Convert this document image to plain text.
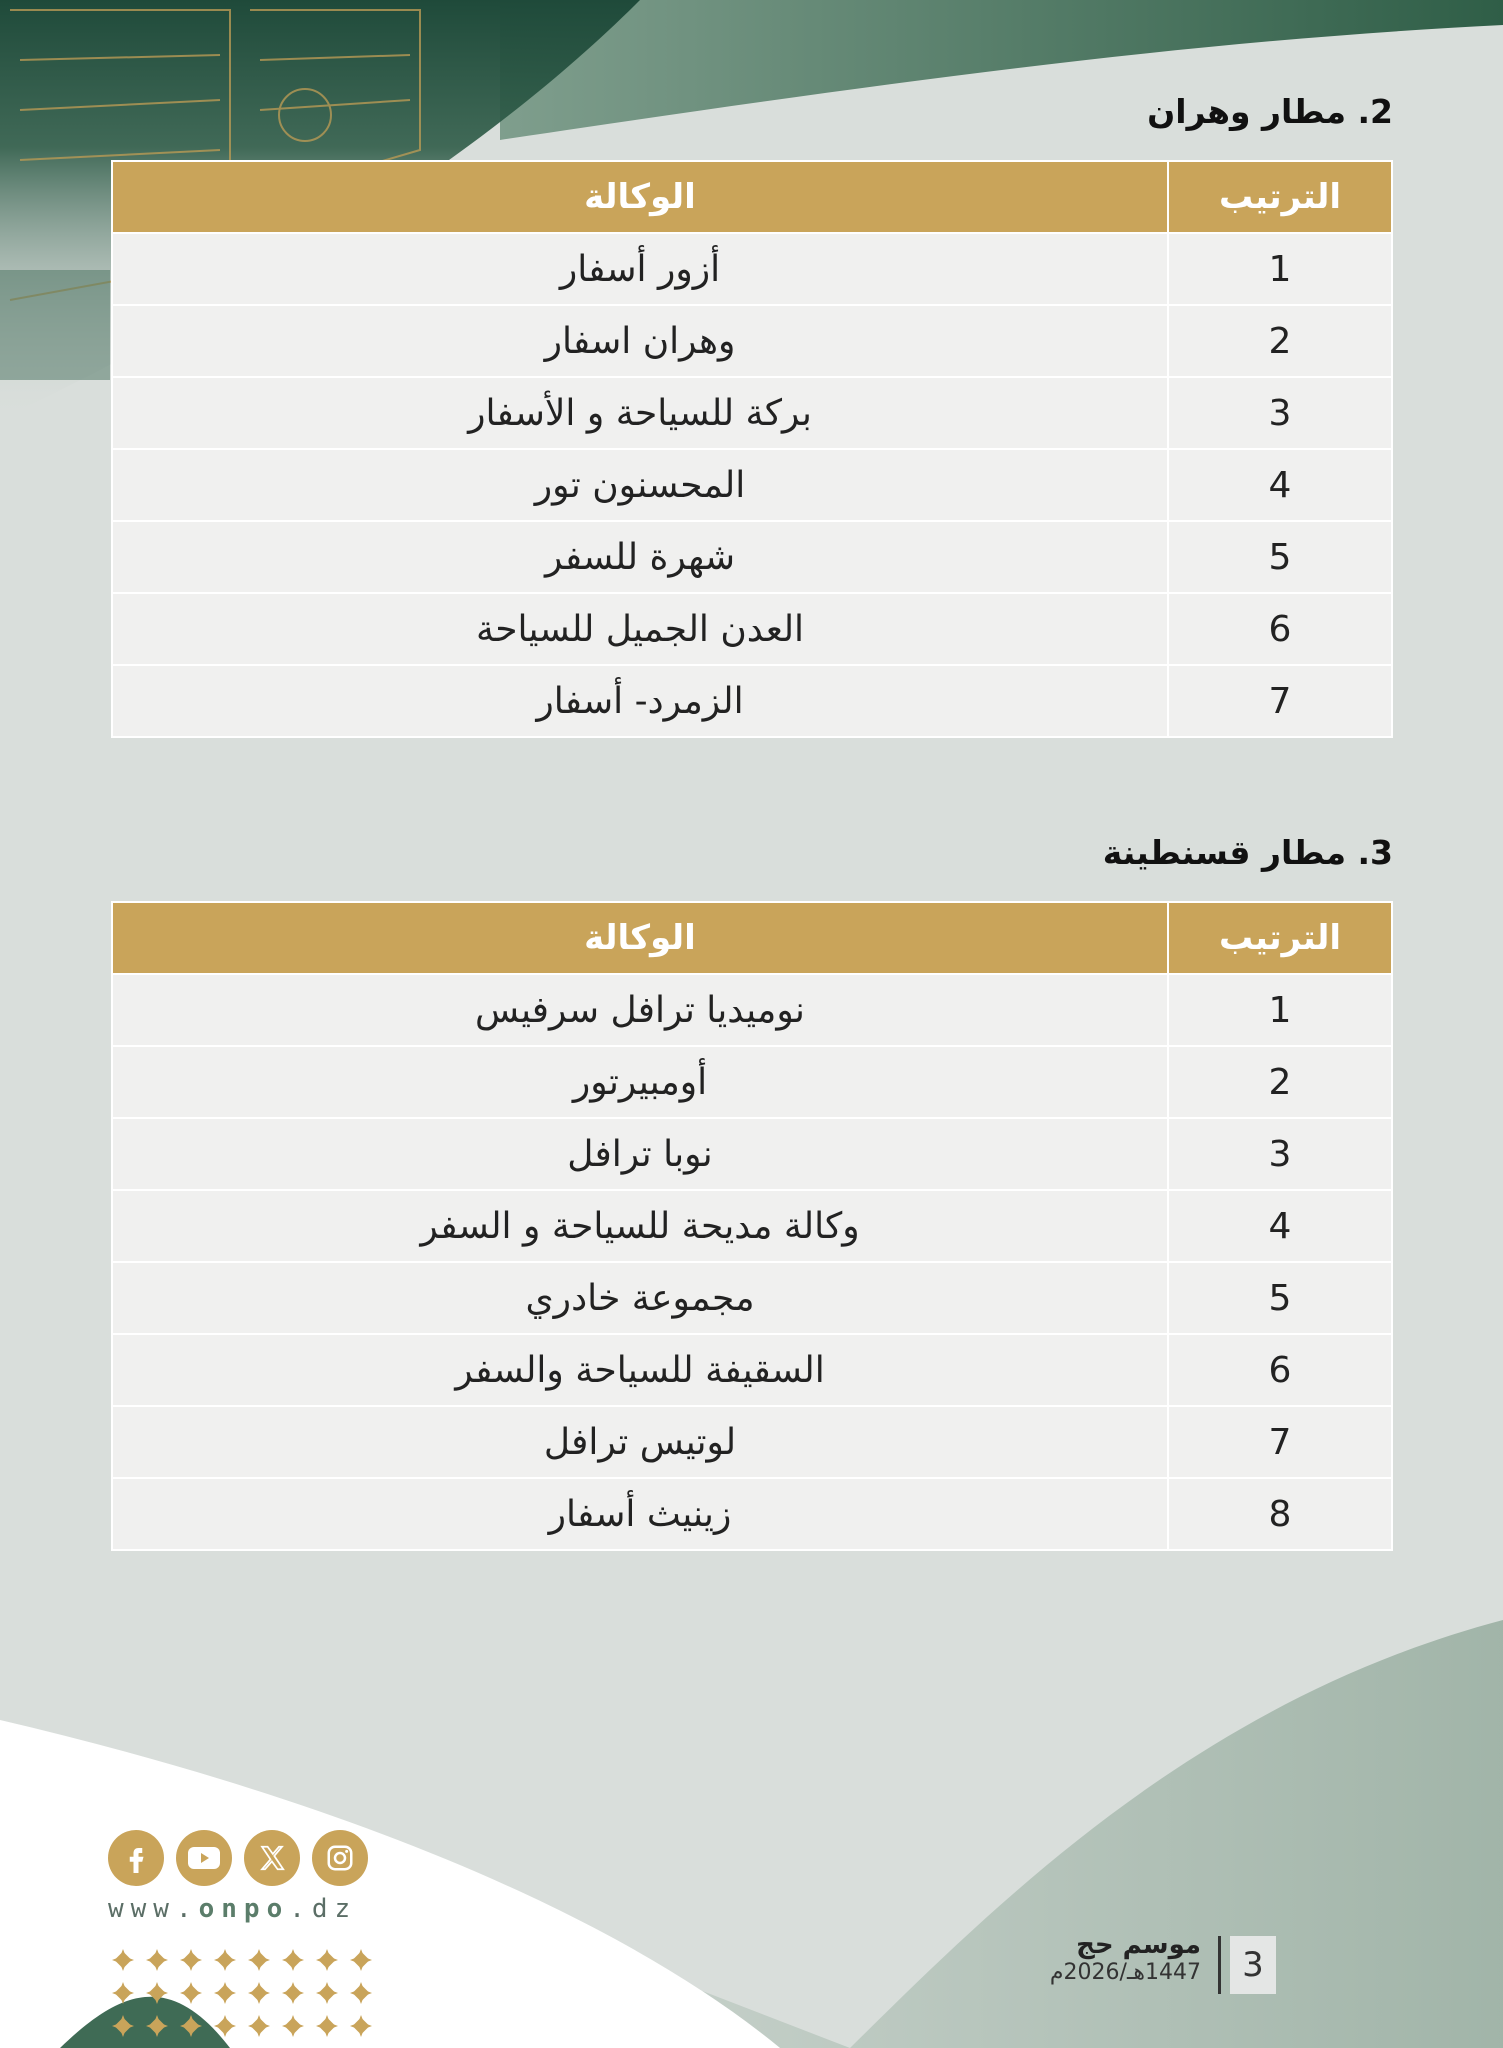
2. مطار وهران
الترتيب	الوكالة
1	أزور أسفار
2	وهران اسفار
3	بركة للسياحة و الأسفار
4	المحسنون تور
5	شهرة للسفر
6	العدن الجميل للسياحة
7	الزمرد- أسفار
3. مطار قسنطينة
الترتيب	الوكالة
1	نوميديا ترافل سرفيس
2	أومبيرتور
3	نوبا ترافل
4	وكالة مديحة للسياحة و السفر
5	مجموعة خادري
6	السقيفة للسياحة والسفر
7	لوتيس ترافل
8	زينيث أسفار
www.onpo.dz
موسم حج
1447هـ/2026م	3
